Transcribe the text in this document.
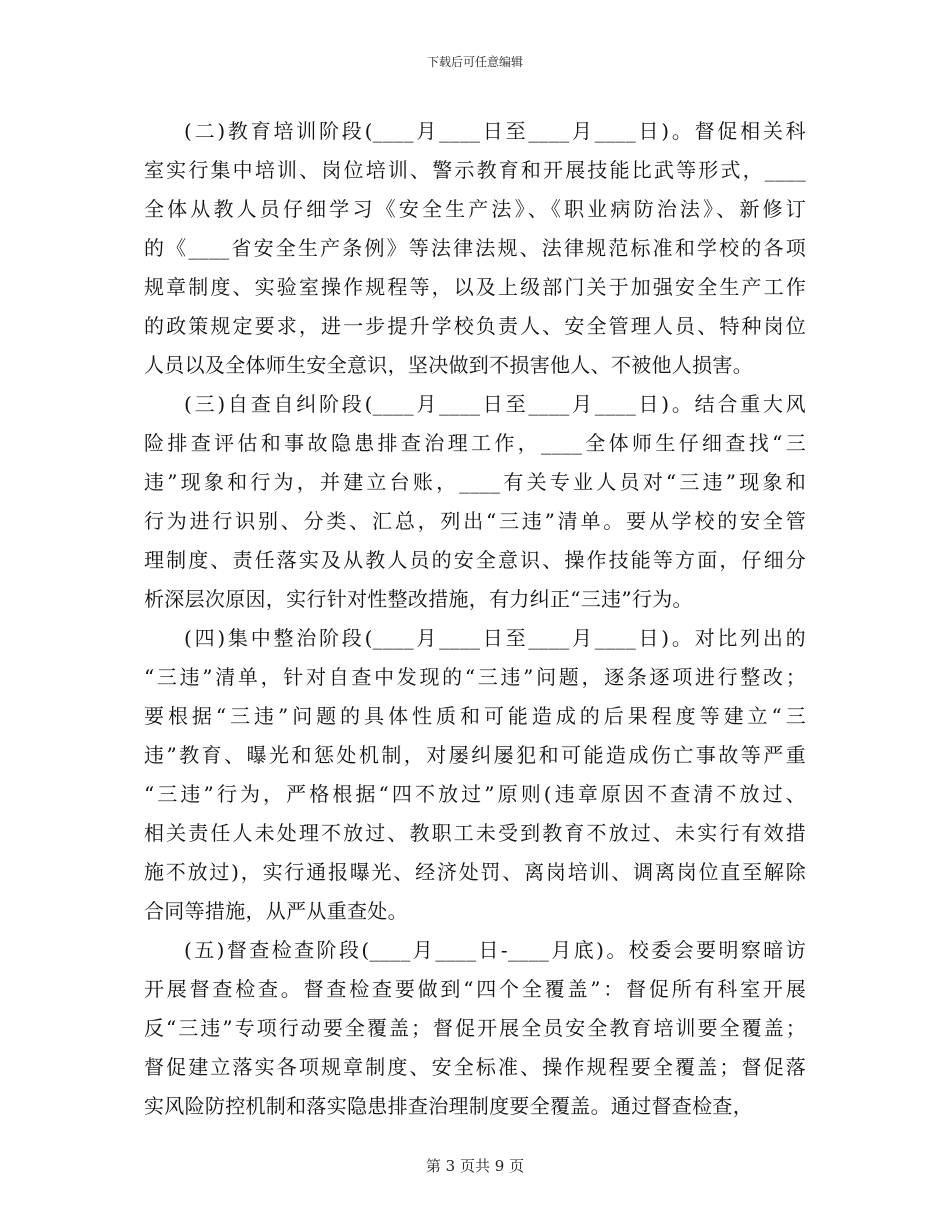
下载后可任意编辑
(二)教育培训阶段(____月____日至____月____日)。督促相关科
室实行集中培训、岗位培训、警示教育和开展技能比武等形式，____
全体从教人员仔细学习《安全生产法》、《职业病防治法》、新修订
的《____省安全生产条例》等法律法规、法律规范标准和学校的各项
规章制度、实验室操作规程等，以及上级部门关于加强安全生产工作
的政策规定要求，进一步提升学校负责人、安全管理人员、特种岗位
人员以及全体师生安全意识，坚决做到不损害他人、不被他人损害。
(三)自查自纠阶段(____月____日至____月____日)。结合重大风
险排查评估和事故隐患排查治理工作，____全体师生仔细查找“三
违”现象和行为，并建立台账，____有关专业人员对“三违”现象和
行为进行识别、分类、汇总，列出“三违”清单。要从学校的安全管
理制度、责任落实及从教人员的安全意识、操作技能等方面，仔细分
析深层次原因，实行针对性整改措施，有力纠正“三违”行为。
(四)集中整治阶段(____月____日至____月____日)。对比列出的
“三违”清单，针对自查中发现的“三违”问题，逐条逐项进行整改；
要根据“三违”问题的具体性质和可能造成的后果程度等建立“三
违”教育、曝光和惩处机制，对屡纠屡犯和可能造成伤亡事故等严重
“三违”行为，严格根据“四不放过”原则(违章原因不查清不放过、
相关责任人未处理不放过、教职工未受到教育不放过、未实行有效措
施不放过)，实行通报曝光、经济处罚、离岗培训、调离岗位直至解除
合同等措施，从严从重查处。
(五)督查检查阶段(____月____日-____月底)。校委会要明察暗访
开展督查检查。督查检查要做到“四个全覆盖”：督促所有科室开展
反“三违”专项行动要全覆盖；督促开展全员安全教育培训要全覆盖；
督促建立落实各项规章制度、安全标准、操作规程要全覆盖；督促落
实风险防控机制和落实隐患排查治理制度要全覆盖。通过督查检查，
第 3 页共 9 页
